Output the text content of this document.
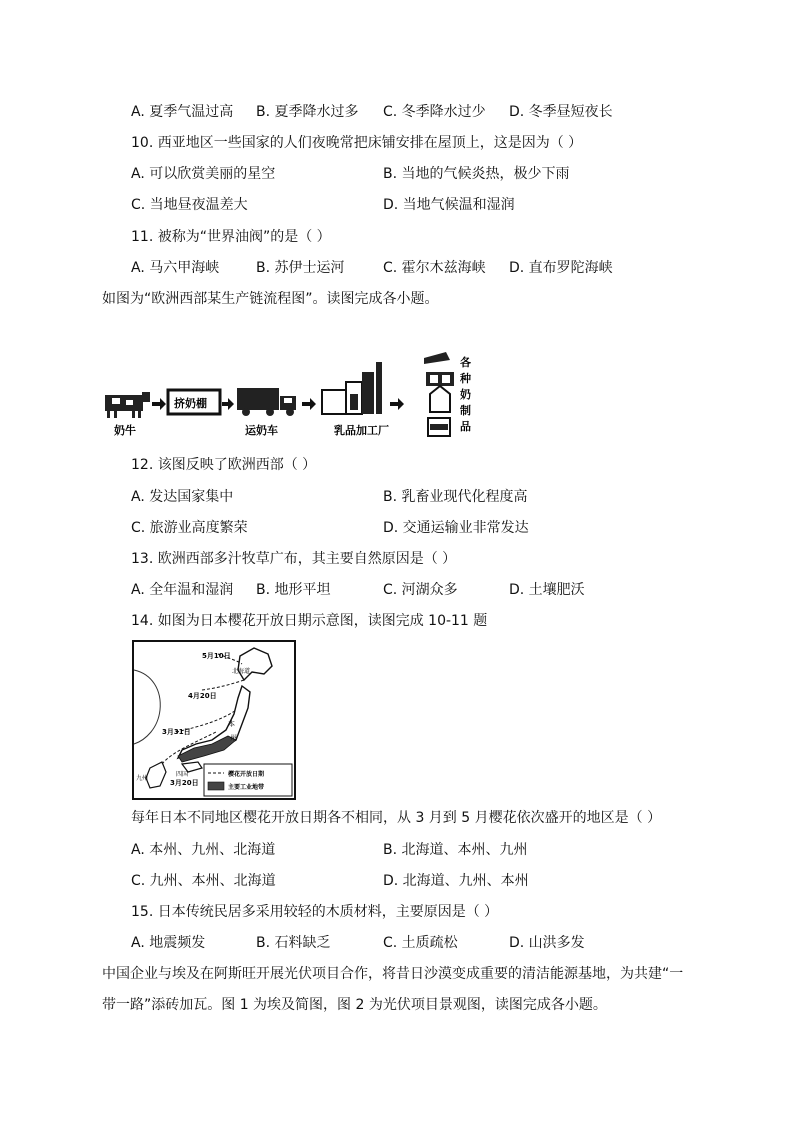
A. 夏季气温过高 B. 夏季降水过多 C. 冬季降水过少 D. 冬季昼短夜长
10. 西亚地区一些国家的人们夜晚常把床铺安排在屋顶上，这是因为（ ）
A. 可以欣赏美丽的星空	B. 当地的气候炎热，极少下雨
C. 当地昼夜温差大	D. 当地气候温和湿润
11. 被称为“世界油阀”的是（ ）
A. 马六甲海峡	B. 苏伊士运河	C. 霍尔木兹海峡 D. 直布罗陀海峡
如图为“欧洲西部某生产链流程图”。读图完成各小题。
奶牛
挤奶棚
运奶车	乳品加工厂
各
种
奶
制
品
12. 该图反映了欧洲西部（ ）
A. 发达国家集中	B. 乳畜业现代化程度高
C. 旅游业高度繁荣	D. 交通运输业非常发达
13. 欧洲西部多汁牧草广布，其主要自然原因是（ ）
A. 全年温和湿润 B. 地形平坦	C. 河湖众多	D. 土壤肥沃
14. 如图为日本樱花开放日期示意图，读图完成 10-11 题
5月10日
北海道
4月20日
3月31日
本
州
四国
九州
3月20日
樱花开放日期
主要工业地带
每年日本不同地区樱花开放日期各不相同，从 3 月到 5 月樱花依次盛开的地区是（ ）
A. 本州、九州、北海道	B. 北海道、本州、九州
C. 九州、本州、北海道	D. 北海道、九州、本州
15. 日本传统民居多采用较轻的木质材料，主要原因是（ ）
A. 地震频发	B. 石料缺乏	C. 土质疏松	D. 山洪多发
中国企业与埃及在阿斯旺开展光伏项目合作，将昔日沙漠变成重要的清洁能源基地，为共建“一
带一路”添砖加瓦。图 1 为埃及简图，图 2 为光伏项目景观图，读图完成各小题。
